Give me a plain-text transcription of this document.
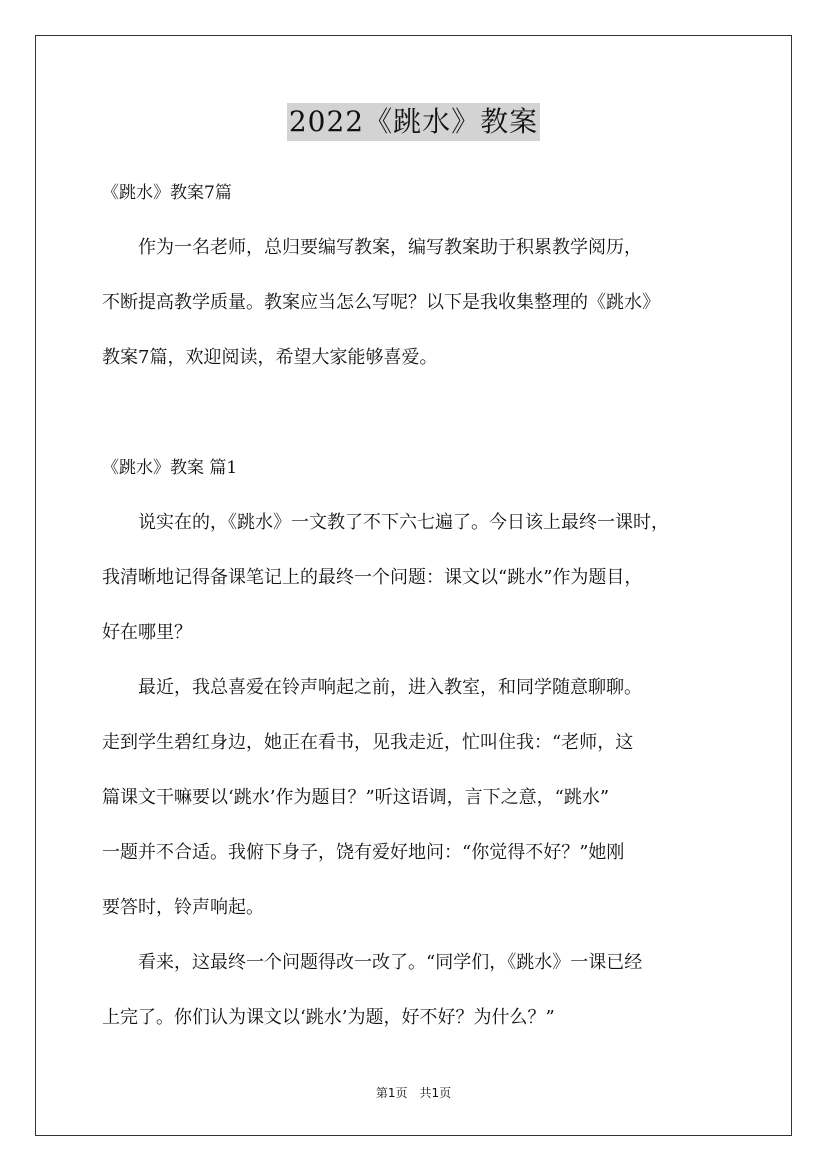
2022《跳水》教案
《跳水》教案7篇
　　作为一名老师，总归要编写教案，编写教案助于积累教学阅历，
不断提高教学质量。教案应当怎么写呢？以下是我收集整理的《跳水》
教案7篇，欢迎阅读，希望大家能够喜爱。
《跳水》教案 篇1
　　说实在的，《跳水》一文教了不下六七遍了。今日该上最终一课时，
我清晰地记得备课笔记上的最终一个问题：课文以“跳水”作为题目，
好在哪里？
　　最近，我总喜爱在铃声响起之前，进入教室，和同学随意聊聊。
走到学生碧红身边，她正在看书，见我走近，忙叫住我：“老师，这
篇课文干嘛要以‘跳水’作为题目？”听这语调，言下之意，“跳水”
一题并不合适。我俯下身子，饶有爱好地问：“你觉得不好？”她刚
要答时，铃声响起。
　　看来，这最终一个问题得改一改了。“同学们，《跳水》一课已经
上完了。你们认为课文以‘跳水’为题，好不好？为什么？”
第1页　共1页
